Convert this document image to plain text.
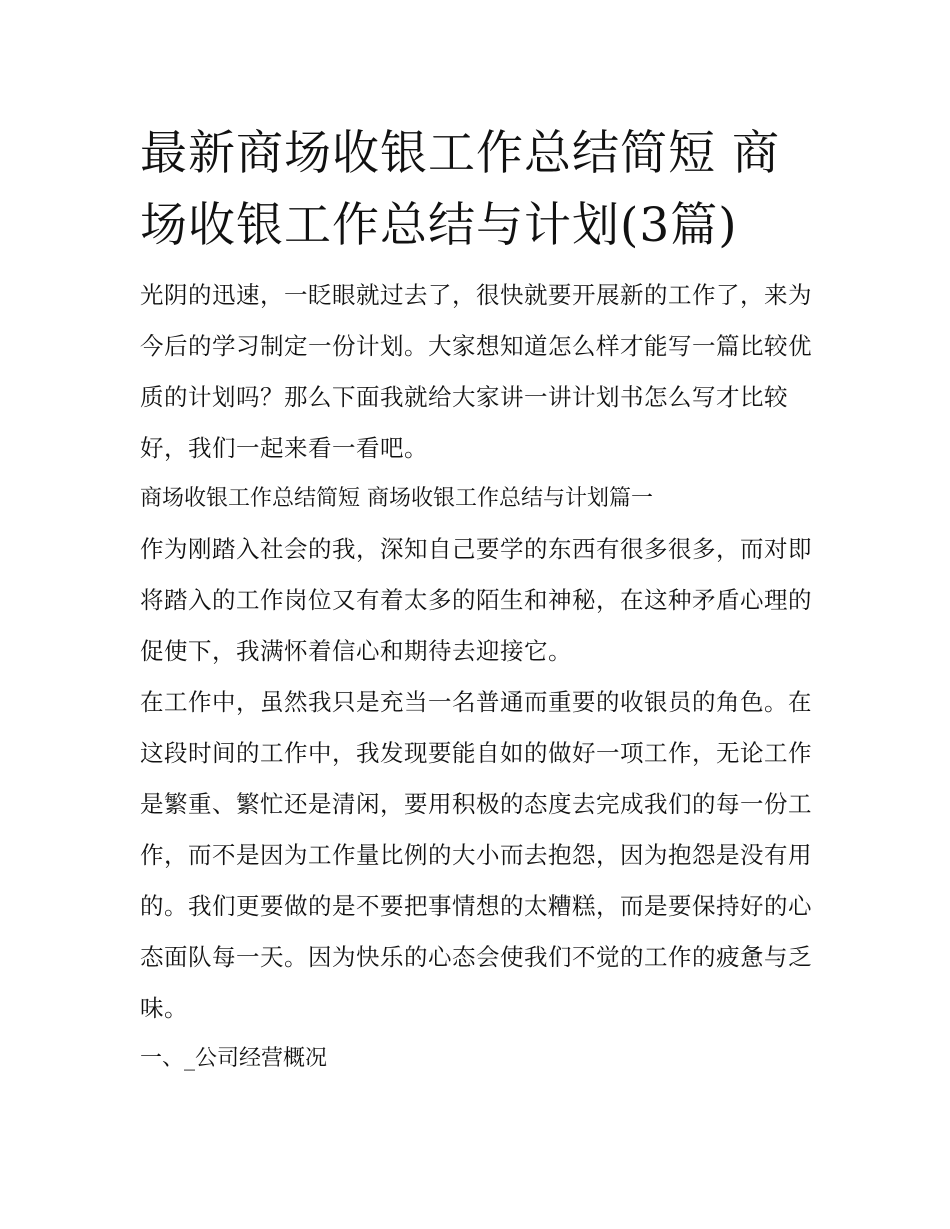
最新商场收银工作总结简短 商场收银工作总结与计划(3篇)

光阴的迅速，一眨眼就过去了，很快就要开展新的工作了，来为今后的学习制定一份计划。大家想知道怎么样才能写一篇比较优质的计划吗？那么下面我就给大家讲一讲计划书怎么写才比较好，我们一起来看一看吧。

商场收银工作总结简短 商场收银工作总结与计划篇一

作为刚踏入社会的我，深知自己要学的东西有很多很多，而对即将踏入的工作岗位又有着太多的陌生和神秘，在这种矛盾心理的促使下，我满怀着信心和期待去迎接它。

在工作中，虽然我只是充当一名普通而重要的收银员的角色。在这段时间的工作中，我发现要能自如的做好一项工作，无论工作是繁重、繁忙还是清闲，要用积极的态度去完成我们的每一份工作，而不是因为工作量比例的大小而去抱怨，因为抱怨是没有用的。我们更要做的是不要把事情想的太糟糕，而是要保持好的心态面队每一天。因为快乐的心态会使我们不觉的工作的疲惫与乏味。

一、_公司经营概况
